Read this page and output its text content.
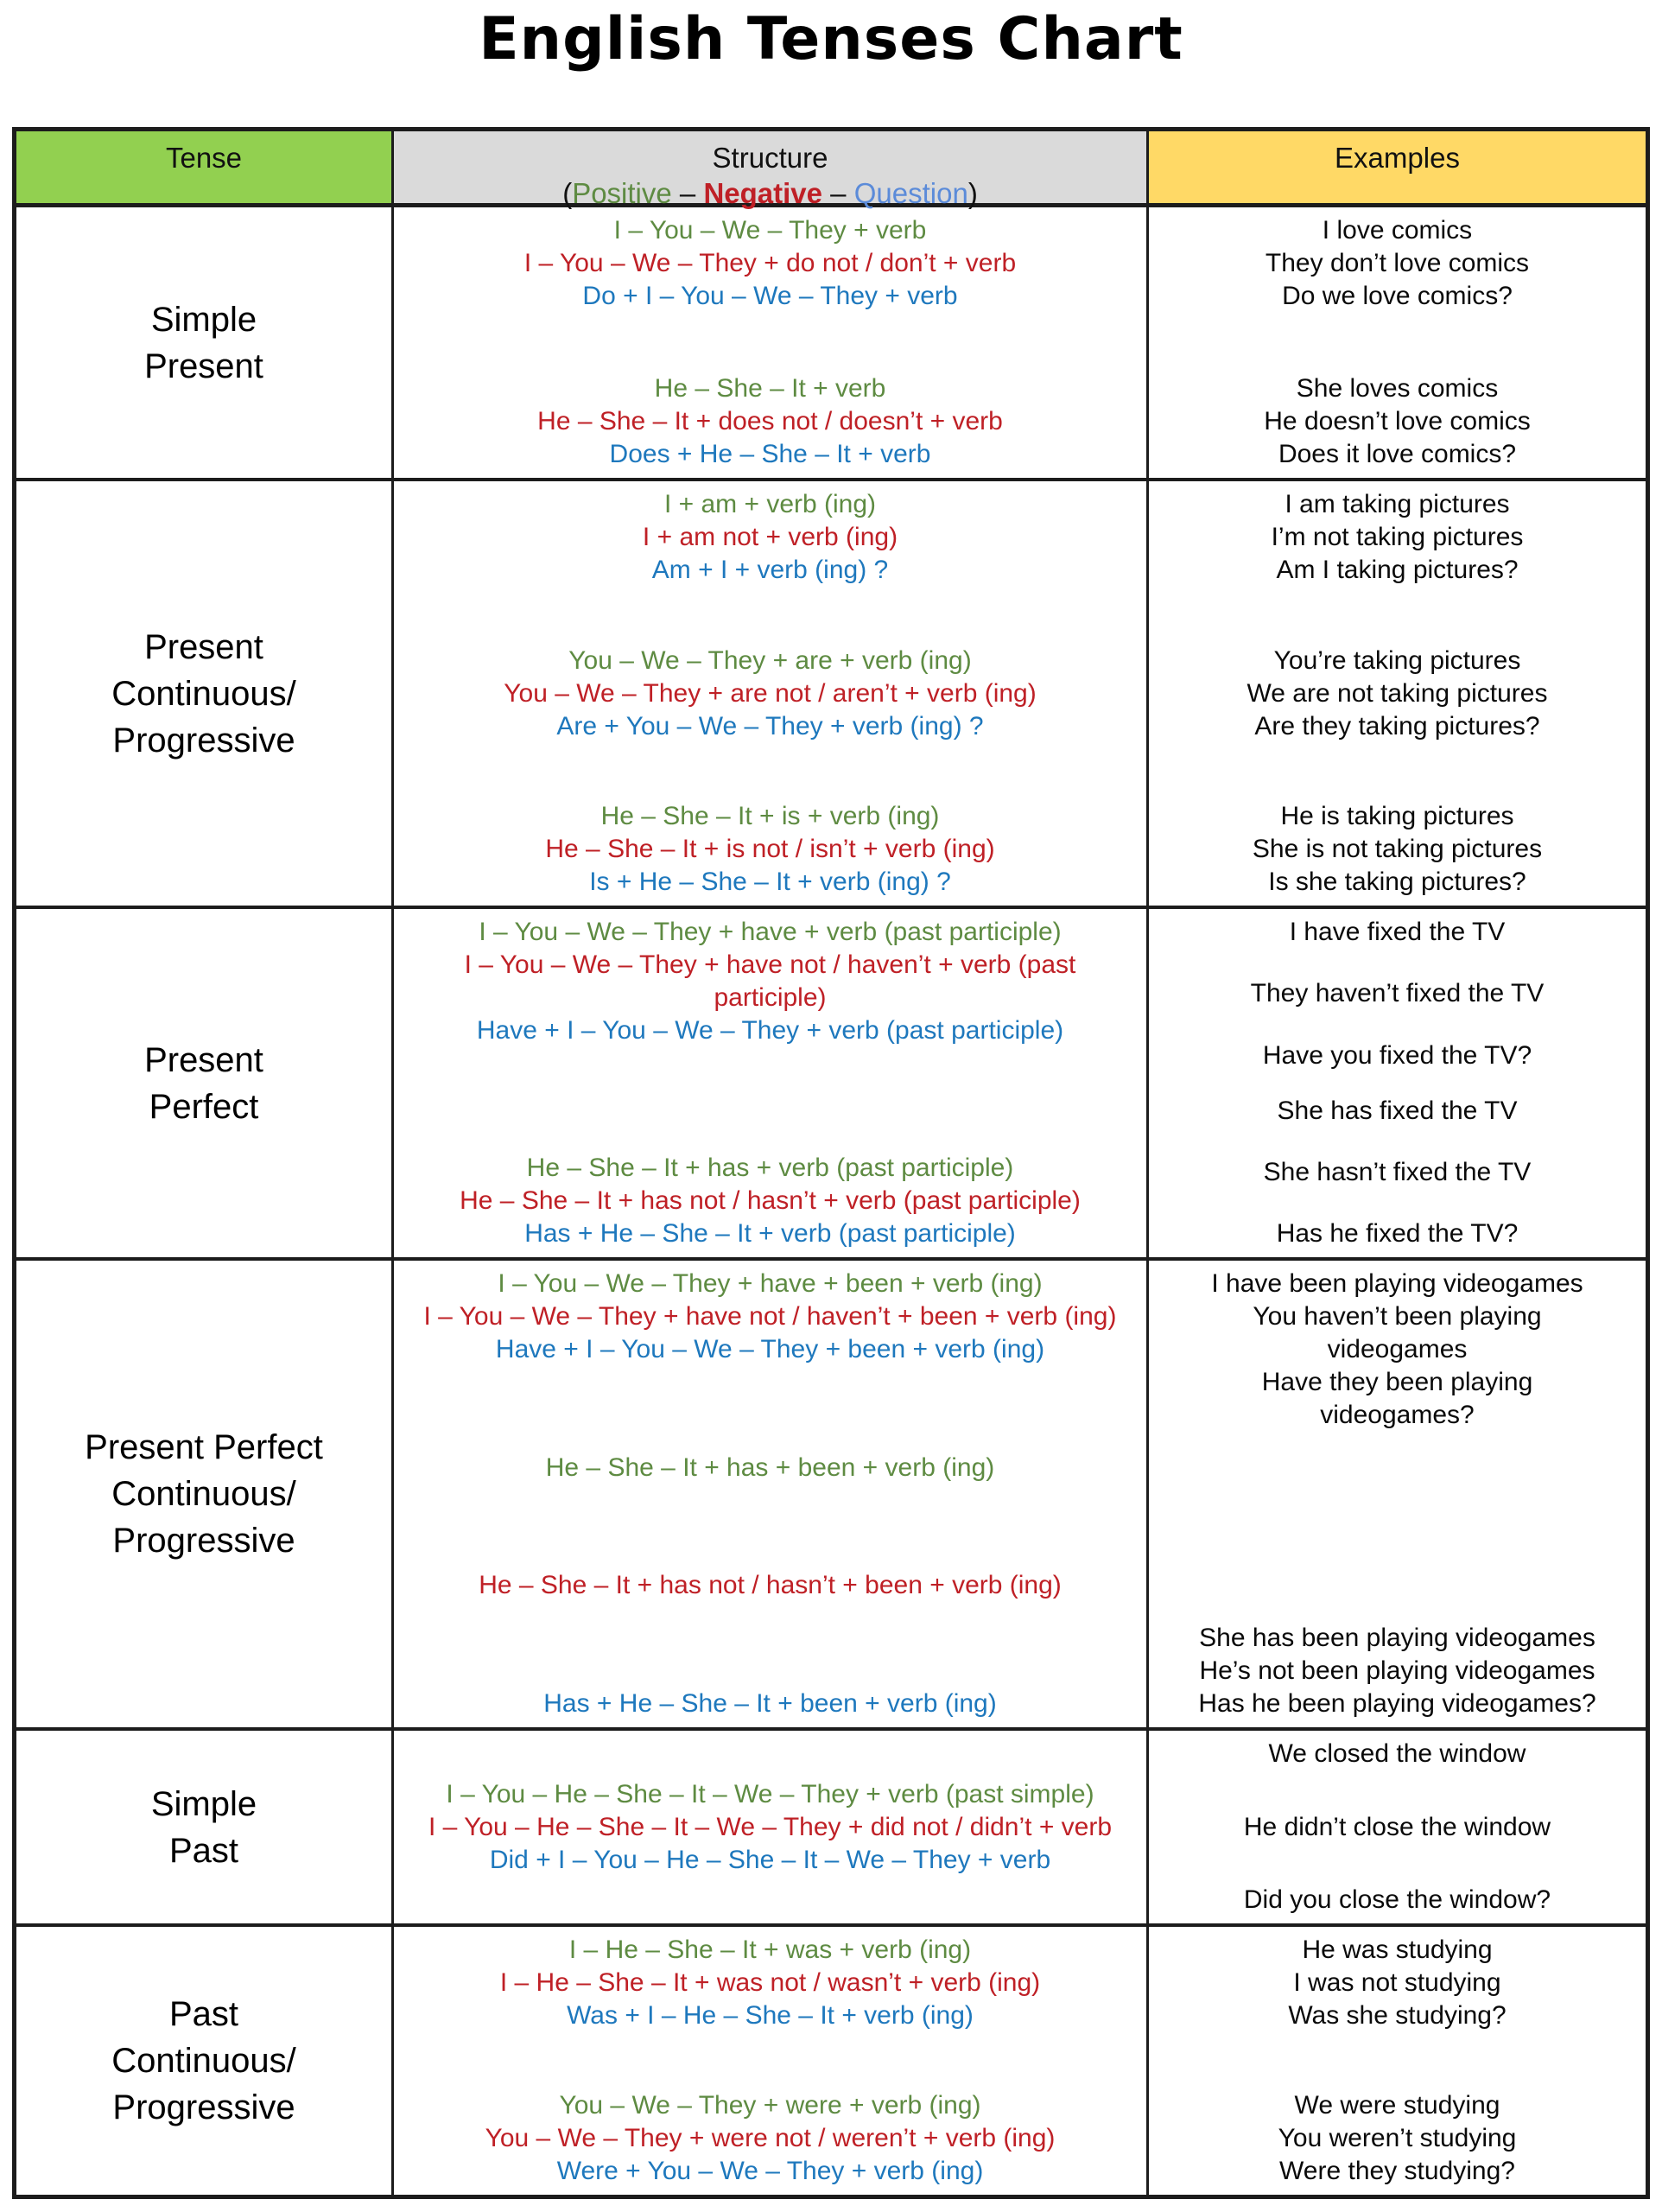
English Tenses Chart
Tense	Structure
(Positive – Negative – Question)
Examples
Simple
Present
I – You – We – They + verb
I – You – We – They + do not / don’t + verb
Do + I – You – We – They + verb
He – She – It + verb
He – She – It + does not / doesn’t + verb
Does + He – She – It + verb
I love comics
They don’t love comics
Do we love comics?
She loves comics
He doesn’t love comics
Does it love comics?
Present
Continuous/
Progressive
I + am + verb (ing)
I + am not + verb (ing)
Am + I + verb (ing) ?
You – We – They + are + verb (ing)
You – We – They + are not / aren’t + verb (ing)
Are + You – We – They + verb (ing) ?
He – She – It + is + verb (ing)
He – She – It + is not / isn’t + verb (ing)
Is + He – She – It + verb (ing) ?
I am taking pictures
I’m not taking pictures
Am I taking pictures?
You’re taking pictures
We are not taking pictures
Are they taking pictures?
He is taking pictures
She is not taking pictures
Is she taking pictures?
Present
Perfect
I – You – We – They + have + verb (past participle)
I – You – We – They + have not / haven’t + verb (past participle)
Have + I – You – We – They + verb (past participle)
He – She – It + has + verb (past participle)
He – She – It + has not / hasn’t + verb (past participle)
Has + He – She – It + verb (past participle)
I have fixed the TV
They haven’t fixed the TV
Have you fixed the TV?
She has fixed the TV
She hasn’t fixed the TV
Has he fixed the TV?
Present Perfect
Continuous/
Progressive
I – You – We – They + have + been + verb (ing)
I – You – We – They + have not / haven’t + been + verb (ing)
Have + I – You – We – They + been + verb (ing)
He – She – It + has + been + verb (ing)
He – She – It + has not / hasn’t + been + verb (ing)
Has + He – She – It + been + verb (ing)
I have been playing videogames
You haven’t been playing videogames
Have they been playing videogames?
She has been playing videogames
He’s not been playing videogames
Has he been playing videogames?
Simple
Past
I – You – He – She – It – We – They + verb (past simple)
I – You – He – She – It – We – They + did not / didn’t + verb
Did + I – You – He – She – It – We – They + verb
We closed the window
He didn’t close the window
Did you close the window?
Past
Continuous/
Progressive
I – He – She – It + was + verb (ing)
I – He – She – It + was not / wasn’t + verb (ing)
Was + I – He – She – It + verb (ing)
You – We – They + were + verb (ing)
You – We – They + were not / weren’t + verb (ing)
Were + You – We – They + verb (ing)
He was studying
I was not studying
Was she studying?
We were studying
You weren’t studying
Were they studying?
